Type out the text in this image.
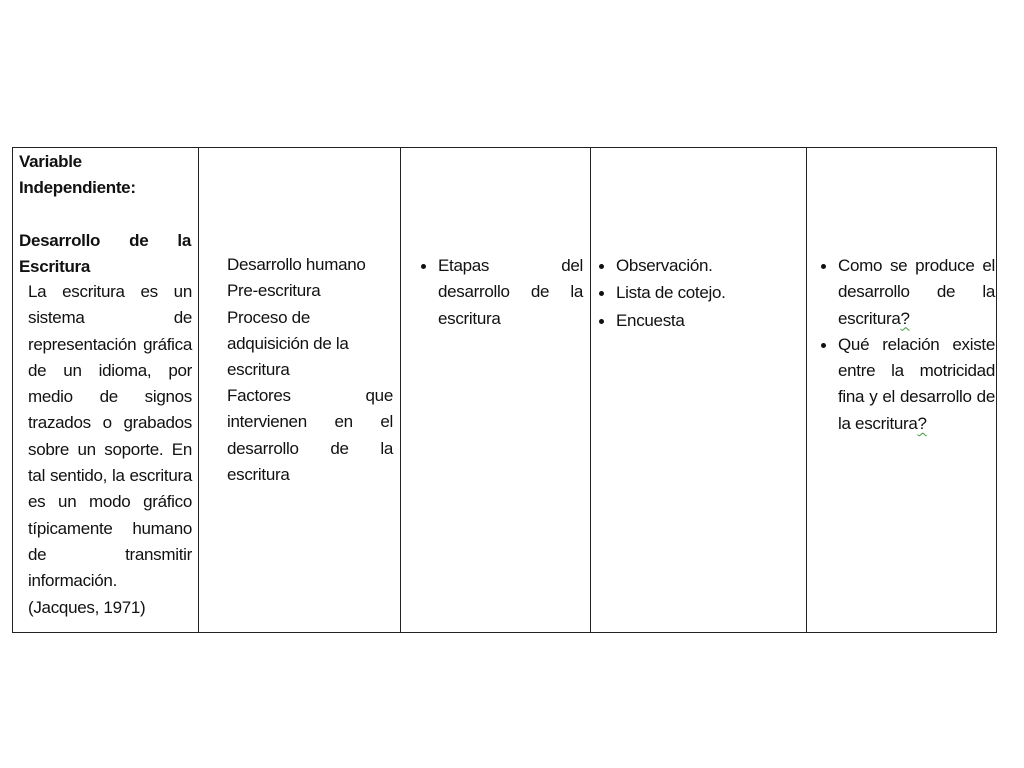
Variable Independiente:
Desarrollo de la Escritura
La escritura es un sistema de representación gráfica de un idioma, por medio de signos trazados o grabados sobre un soporte. En tal sentido, la escritura es un modo gráfico típicamente humano de transmitir información. (Jacques, 1971)
Desarrollo humano
Pre-escritura
Proceso de adquisición de la escritura
Factores que intervienen en el desarrollo de la escritura
Etapas del desarrollo de la escritura
Observación.
Lista de cotejo.
Encuesta
Como se produce el desarrollo de la escritura?
Qué relación existe entre la motricidad fina y el desarrollo de la escritura?
